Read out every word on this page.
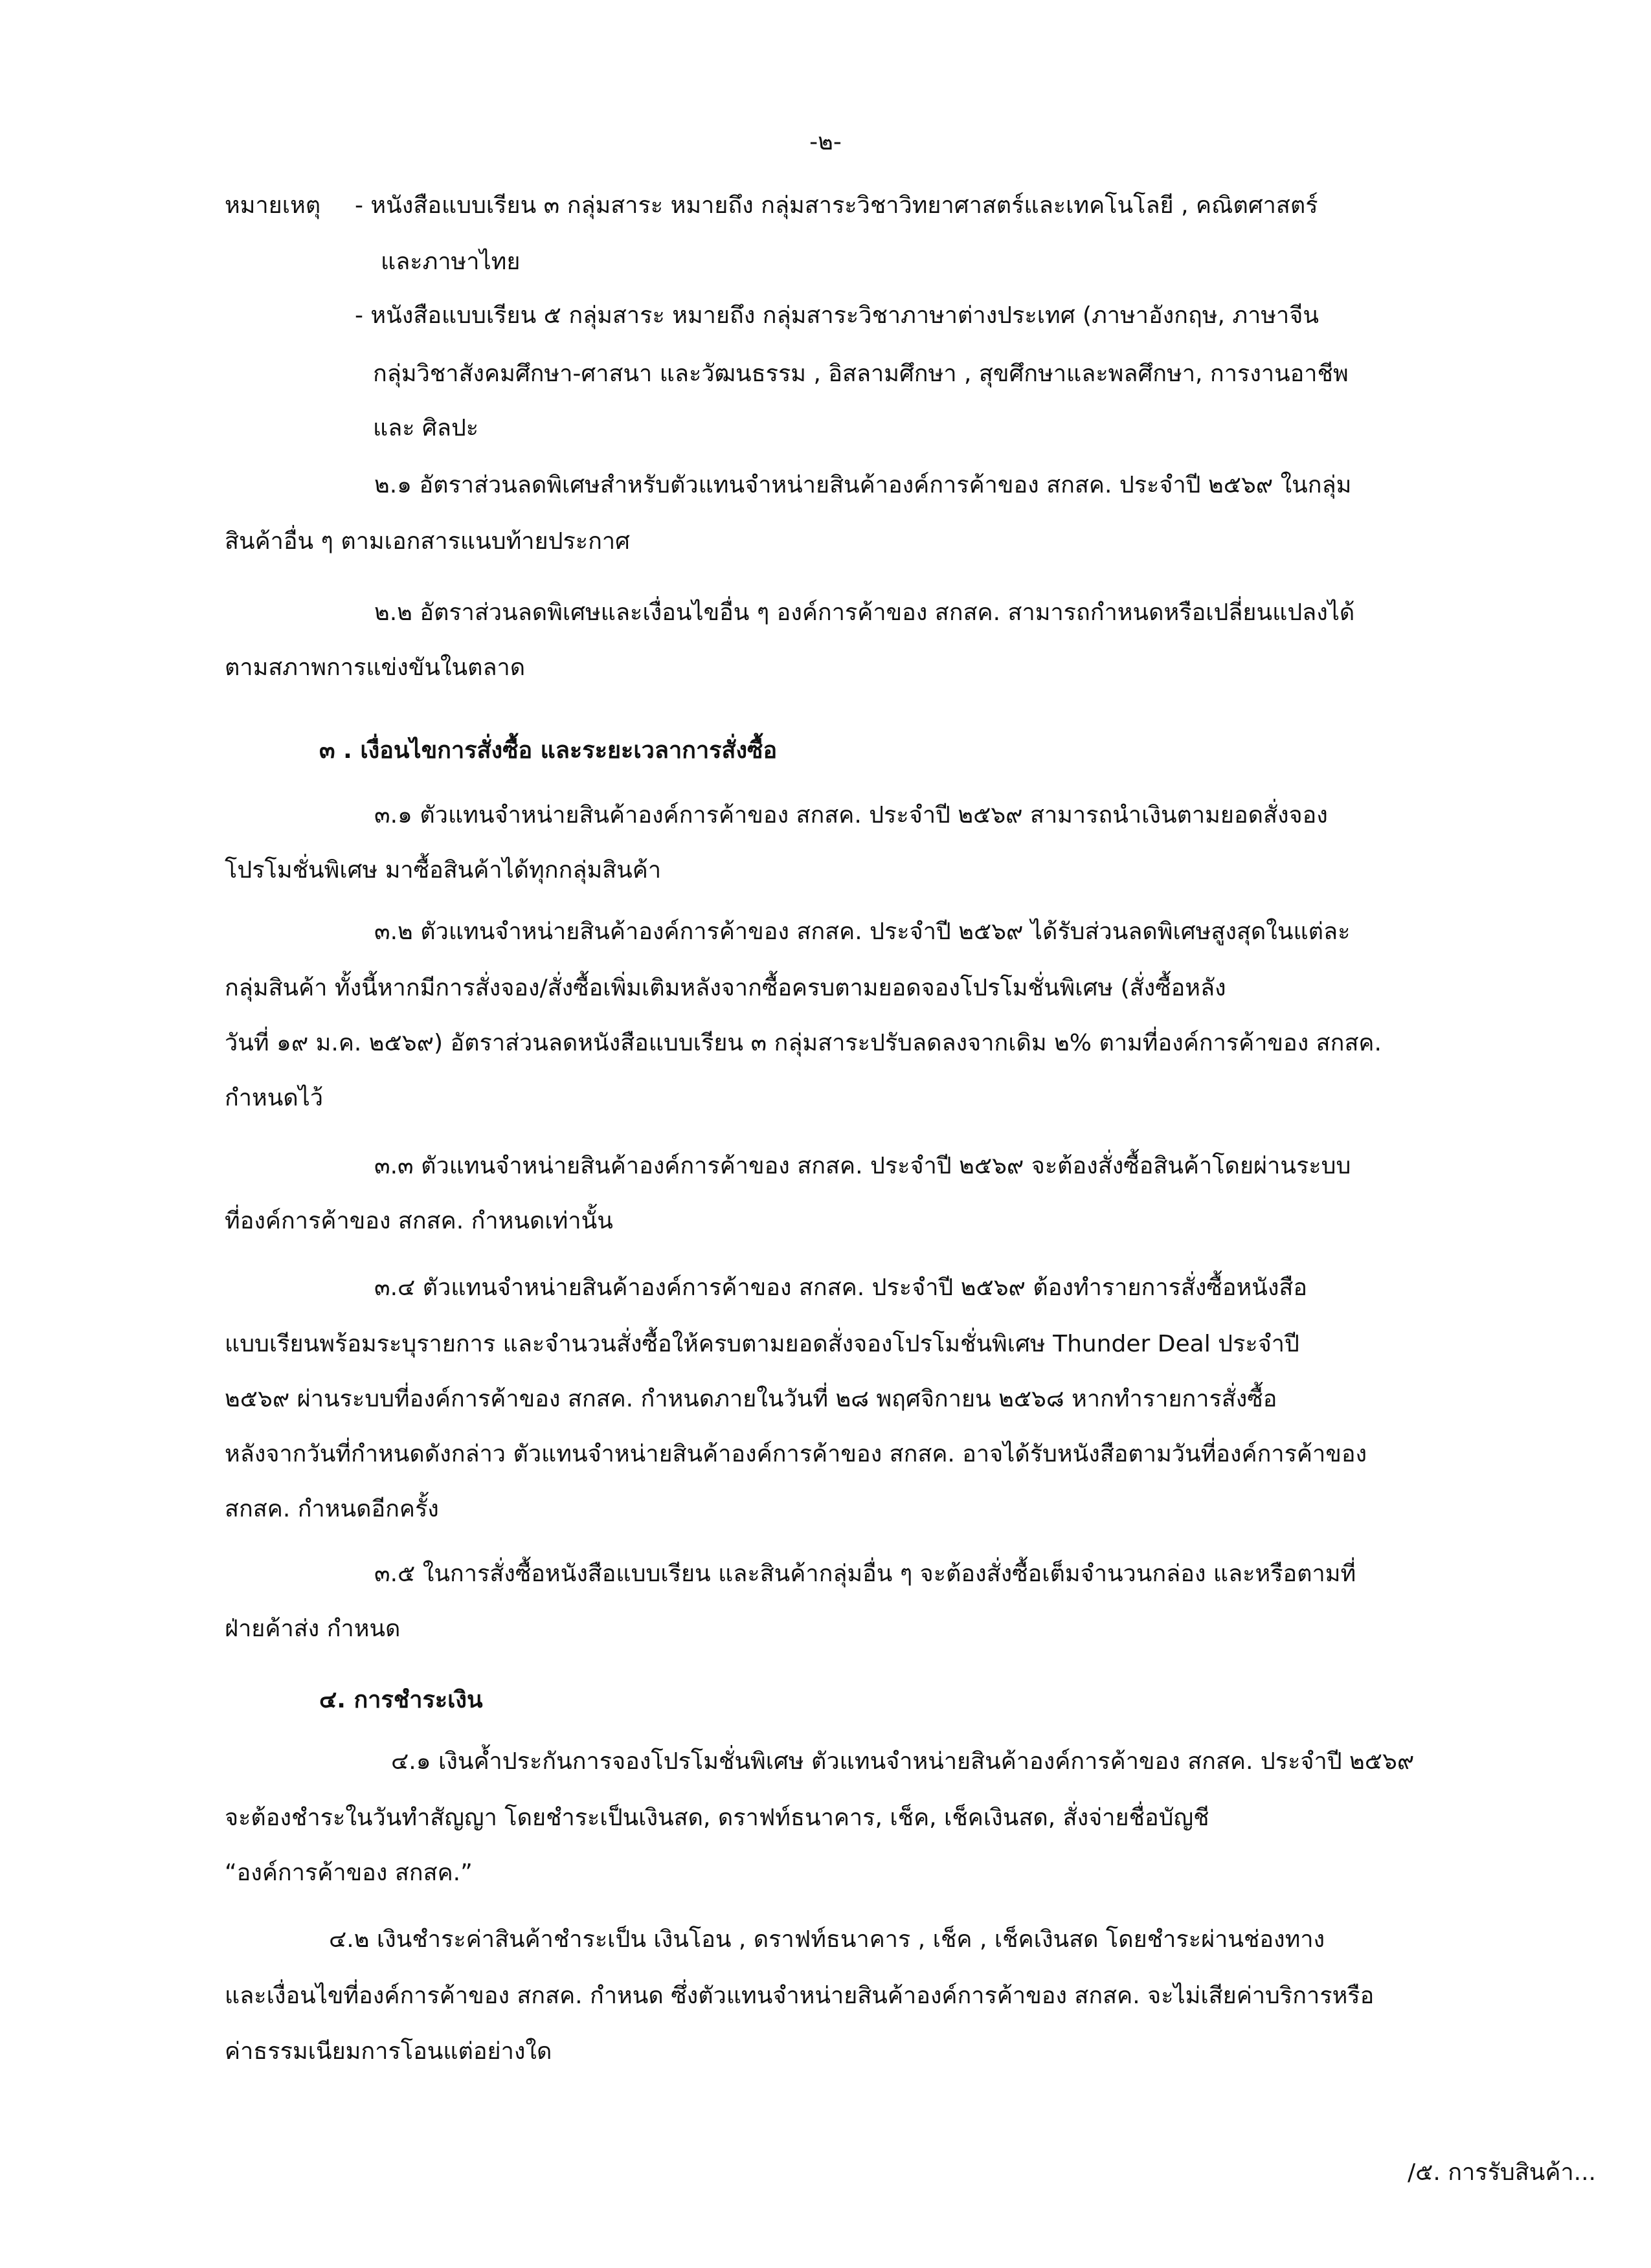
-๒-
หมายเหตุ - หนังสือแบบเรียน ๓ กลุ่มสาระ หมายถึง กลุ่มสาระวิชาวิทยาศาสตร์และเทคโนโลยี , คณิตศาสตร์
และภาษาไทย
- หนังสือแบบเรียน ๕ กลุ่มสาระ หมายถึง กลุ่มสาระวิชาภาษาต่างประเทศ (ภาษาอังกฤษ, ภาษาจีน
กลุ่มวิชาสังคมศึกษา-ศาสนา และวัฒนธรรม , อิสลามศึกษา , สุขศึกษาและพลศึกษา, การงานอาชีพ
และ ศิลปะ
๒.๑ อัตราส่วนลดพิเศษสำหรับตัวแทนจำหน่ายสินค้าองค์การค้าของ สกสค. ประจำปี ๒๕๖๙ ในกลุ่ม
สินค้าอื่น ๆ ตามเอกสารแนบท้ายประกาศ
๒.๒ อัตราส่วนลดพิเศษและเงื่อนไขอื่น ๆ องค์การค้าของ สกสค. สามารถกำหนดหรือเปลี่ยนแปลงได้
ตามสภาพการแข่งขันในตลาด
๓ . เงื่อนไขการสั่งซื้อ และระยะเวลาการสั่งซื้อ
๓.๑ ตัวแทนจำหน่ายสินค้าองค์การค้าของ สกสค. ประจำปี ๒๕๖๙ สามารถนำเงินตามยอดสั่งจอง
โปรโมชั่นพิเศษ มาซื้อสินค้าได้ทุกกลุ่มสินค้า
๓.๒ ตัวแทนจำหน่ายสินค้าองค์การค้าของ สกสค. ประจำปี ๒๕๖๙ ได้รับส่วนลดพิเศษสูงสุดในแต่ละ
กลุ่มสินค้า ทั้งนี้หากมีการสั่งจอง/สั่งซื้อเพิ่มเติมหลังจากซื้อครบตามยอดจองโปรโมชั่นพิเศษ (สั่งซื้อหลัง
วันที่ ๑๙ ม.ค. ๒๕๖๙) อัตราส่วนลดหนังสือแบบเรียน ๓ กลุ่มสาระปรับลดลงจากเดิม ๒% ตามที่องค์การค้าของ สกสค.
กำหนดไว้
๓.๓ ตัวแทนจำหน่ายสินค้าองค์การค้าของ สกสค. ประจำปี ๒๕๖๙ จะต้องสั่งซื้อสินค้าโดยผ่านระบบ
ที่องค์การค้าของ สกสค. กำหนดเท่านั้น
๓.๔ ตัวแทนจำหน่ายสินค้าองค์การค้าของ สกสค. ประจำปี ๒๕๖๙ ต้องทำรายการสั่งซื้อหนังสือ
แบบเรียนพร้อมระบุรายการ และจำนวนสั่งซื้อให้ครบตามยอดสั่งจองโปรโมชั่นพิเศษ Thunder Deal ประจำปี
๒๕๖๙ ผ่านระบบที่องค์การค้าของ สกสค. กำหนดภายในวันที่ ๒๘ พฤศจิกายน ๒๕๖๘ หากทำรายการสั่งซื้อ
หลังจากวันที่กำหนดดังกล่าว ตัวแทนจำหน่ายสินค้าองค์การค้าของ สกสค. อาจได้รับหนังสือตามวันที่องค์การค้าของ
สกสค. กำหนดอีกครั้ง
๓.๕ ในการสั่งซื้อหนังสือแบบเรียน และสินค้ากลุ่มอื่น ๆ จะต้องสั่งซื้อเต็มจำนวนกล่อง และหรือตามที่
ฝ่ายค้าส่ง กำหนด
๔. การชำระเงิน
๔.๑ เงินค้ำประกันการจองโปรโมชั่นพิเศษ ตัวแทนจำหน่ายสินค้าองค์การค้าของ สกสค. ประจำปี ๒๕๖๙
จะต้องชำระในวันทำสัญญา โดยชำระเป็นเงินสด, ดราฟท์ธนาคาร, เช็ค, เช็คเงินสด, สั่งจ่ายชื่อบัญชี
“องค์การค้าของ สกสค.”
๔.๒ เงินชำระค่าสินค้าชำระเป็น เงินโอน , ดราฟท์ธนาคาร , เช็ค , เช็คเงินสด โดยชำระผ่านช่องทาง
และเงื่อนไขที่องค์การค้าของ สกสค. กำหนด ซึ่งตัวแทนจำหน่ายสินค้าองค์การค้าของ สกสค. จะไม่เสียค่าบริการหรือ
ค่าธรรมเนียมการโอนแต่อย่างใด
/๕. การรับสินค้า...
